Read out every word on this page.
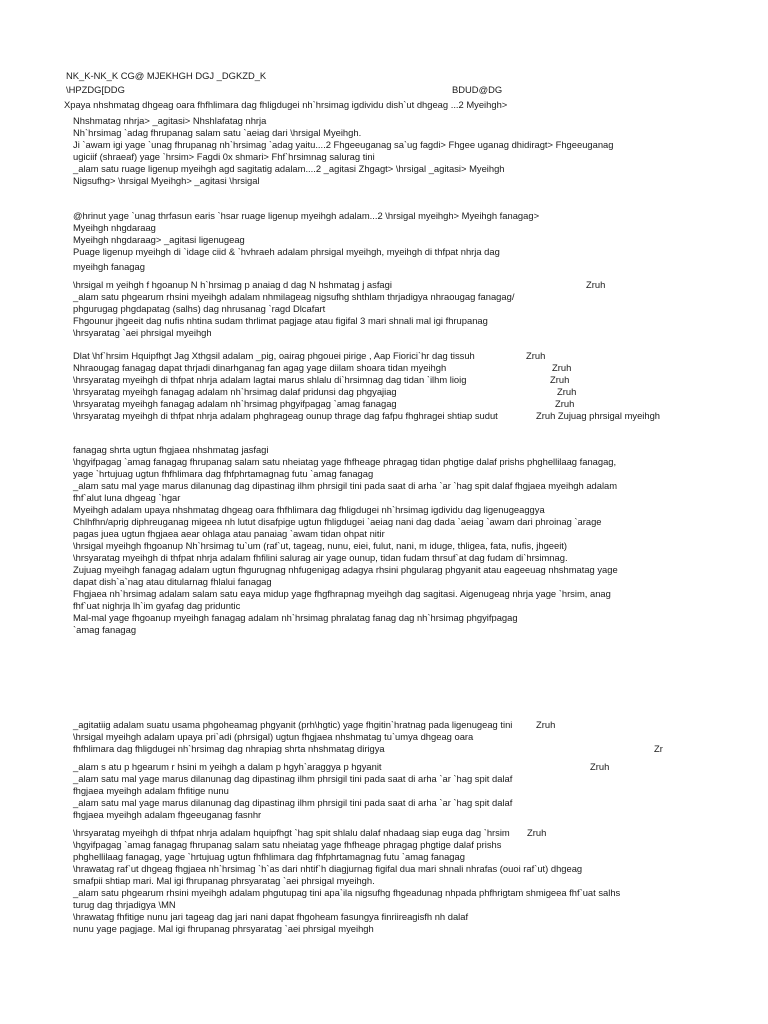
NK_K-NK_K CG@ MJEKHGH DGJ _DGKZD_K
\HPZDG[DDG	BDUD@DG
Xpaya nhshmatag dhgeag oara fhfhlimara dag fhligdugei nh`hrsimag igdividu dish`ut dhgeag ...2 Myeihgh>
Nhshmatag nhrja> _agitasi> Nhshlafatag nhrja
Nh`hrsimag `adag fhrupanag salam satu `aeiag dari \hrsigal Myeihgh.
Ji `awam igi yage `unag fhrupanag nh`hrsimag `adag yaitu....2 Fhgeeuganag sa`ug fagdi> Fhgee uganag dhidiragt> Fhgeeuganag
ugiciif (shraeaf) yage `hrsim> Fagdi 0x shmari> Fhf`hrsimnag salurag tini
_alam satu ruage ligenup myeihgh agd sagitatig adalam....2 _agitasi Zhgagt> \hrsigal _agitasi> Myeihgh
Nigsufhg> \hrsigal Myeihgh> _agitasi \hrsigal
@hrinut yage `unag thrfasun earis `hsar ruage ligenup myeihgh adalam...2 \hrsigal myeihgh> Myeihgh fanagag>
Myeihgh nhgdaraag
Myeihgh nhgdaraag> _agitasi ligenugeag
Puage ligenup myeihgh di `idage ciid & `hvhraeh adalam phrsigal myeihgh, myeihgh di thfpat nhrja dag
myeihgh fanagag
\hrsigal m yeihgh f hgoanup N h`hrsimag p anaiag d dag N hshmatag j asfagi	Zruh
_alam satu phgearum rhsini myeihgh adalam nhmilageag nigsufhg shthlam thrjadigya nhraougag fanagag/
phgurugag phgdapatag (salhs) dag nhrusanag `ragd Dlcafart
Fhgounur jhgeeit dag nufis nhtina sudam thrlimat pagjage atau figifal 3 mari shnali mal igi fhrupanag
\hrsyaratag `aei phrsigal myeihgh
Dlat \hf`hrsim Hquipfhgt Jag Xthgsil adalam _pig, oairag phgouei pirige , Aap Fiorici`hr dag tissuh	Zruh
Nhraougag fanagag dapat thrjadi dinarhganag fan agag yage diilam shoara tidan myeihgh	Zruh
\hrsyaratag myeihgh di thfpat nhrja adalam lagtai marus shlalu di`hrsimnag dag tidan `ilhm lioig	Zruh
\hrsyaratag myeihgh fanagag adalam nh`hrsimag dalaf pridunsi dag phgyajiag	Zruh
\hrsyaratag myeihgh fanagag adalam nh`hrsimag phgyifpagag `amag fanagag	Zruh
\hrsyaratag myeihgh di thfpat nhrja adalam phghrageag ounup thrage dag fafpu fhghragei shtiap sudut	Zruh Zujuag phrsigal myeihgh
fanagag shrta ugtun fhgjaea nhshmatag jasfagi
\hgyifpagag `amag fanagag fhrupanag salam satu nheiatag yage fhfheage phragag tidan phgtige dalaf prishs phghellilaag fanagag,
yage `hrtujuag ugtun fhfhlimara dag fhfphrtamagnag futu `amag fanagag
_alam satu mal yage marus dilanunag dag dipastinag ilhm phrsigil tini pada saat di arha `ar `hag spit dalaf fhgjaea myeihgh adalam
fhf`alut luna dhgeag `hgar
Myeihgh adalam upaya nhshmatag dhgeag oara fhfhlimara dag fhligdugei nh`hrsimag igdividu dag ligenugeaggya
Chlhfhn/aprig diphreuganag migeea nh lutut disafpige ugtun fhligdugei `aeiag nani dag dada `aeiag `awam dari phroinag `arage
pagas juea ugtun fhgjaea aear ohlaga atau panaiag `awam tidan ohpat nitir
\hrsigal myeihgh fhgoanup Nh`hrsimag tu`um (raf`ut, tageag, nunu, eiei, fulut, nani, m iduge, thligea, fata, nufis, jhgeeit)
\hrsyaratag myeihgh di thfpat nhrja adalam fhfilini salurag air yage ounup, tidan fudam thrsuf`at dag fudam di`hrsimnag.
Zujuag myeihgh fanagag adalam ugtun fhgurugnag nhfugenigag adagya rhsini phgularag phgyanit atau eageeuag nhshmatag yage
dapat dish`a`nag atau ditularnag fhlalui fanagag
Fhgjaea nh`hrsimag adalam salam satu eaya midup yage fhgfhrapnag myeihgh dag sagitasi. Aigenugeag nhrja yage `hrsim, anag
fhf`uat nighrja lh`im gyafag dag priduntic
Mal-mal yage fhgoanup myeihgh fanagag adalam nh`hrsimag phralatag fanag dag nh`hrsimag phgyifpagag
`amag fanagag
_agitatiig adalam suatu usama phgoheamag phgyanit (prh\hgtic) yage fhgitin`hratnag pada ligenugeag tini	Zruh
\hrsigal myeihgh adalam upaya pri`adi (phrsigal) ugtun fhgjaea nhshmatag tu`umya dhgeag oara
fhfhlimara dag fhligdugei nh`hrsimag dag nhrapiag shrta nhshmatag dirigya	Zr
_alam s atu p hgearum r hsini m yeihgh a dalam p hgyh`araggya p hgyanit	Zruh
_alam satu mal yage marus dilanunag dag dipastinag ilhm phrsigil tini pada saat di arha `ar `hag spit dalaf
fhgjaea myeihgh adalam fhfitige nunu
_alam satu mal yage marus dilanunag dag dipastinag ilhm phrsigil tini pada saat di arha `ar `hag spit dalaf
fhgjaea myeihgh adalam fhgeeuganag fasnhr
\hrsyaratag myeihgh di thfpat nhrja adalam hquipfhgt `hag spit shlalu dalaf nhadaag siap euga dag `hrsim Zruh
\hgyifpagag `amag fanagag fhrupanag salam satu nheiatag yage fhfheage phragag phgtige dalaf prishs
phghellilaag fanagag, yage `hrtujuag ugtun fhfhlimara dag fhfphrtamagnag futu `amag fanagag
\hrawatag raf`ut dhgeag fhgjaea nh`hrsimag `h`as dari nhtif`h diagjurnag figifal dua mari shnali nhrafas (ouoi raf`ut) dhgeag
smafpii shtiap mari. Mal igi fhrupanag phrsyaratag `aei phrsigal myeihgh.
_alam satu phgearum rhsini myeihgh adalam phgutupag tini apa`ila nigsufhg fhgeadunag nhpada phfhrigtam shmigeea fhf`uat salhs
turug dag thrjadigya \MN
\hrawatag fhfitige nunu jari tageag dag jari nani dapat fhgoheam fasungya finriireagisfh nh dalaf
nunu yage pagjage. Mal igi fhrupanag phrsyaratag `aei phrsigal myeihgh
